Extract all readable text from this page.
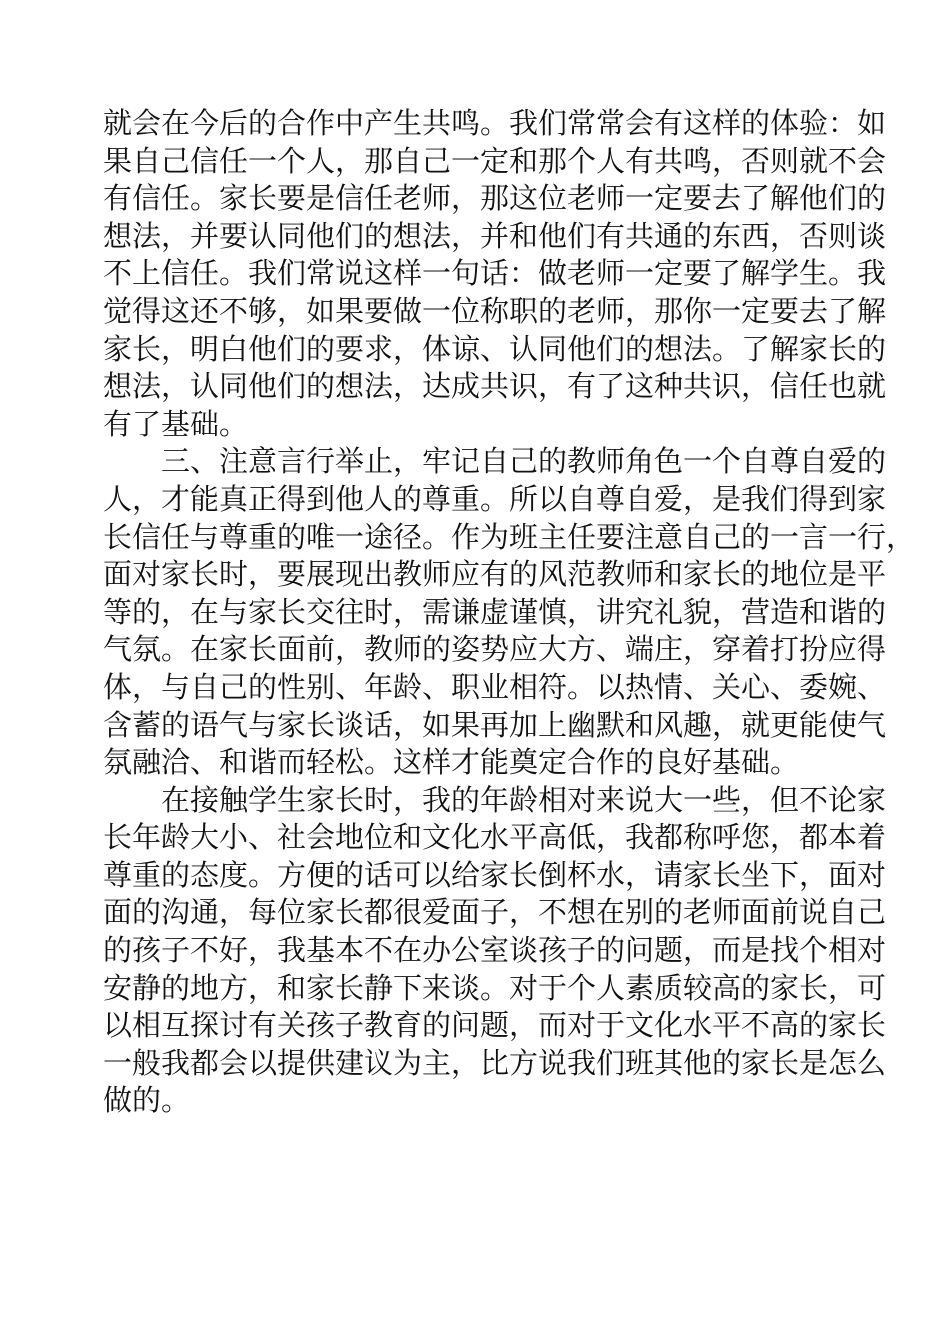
就会在今后的合作中产生共鸣。我们常常会有这样的体验：如
果自己信任一个人，那自己一定和那个人有共鸣，否则就不会
有信任。家长要是信任老师，那这位老师一定要去了解他们的
想法，并要认同他们的想法，并和他们有共通的东西，否则谈
不上信任。我们常说这样一句话：做老师一定要了解学生。我
觉得这还不够，如果要做一位称职的老师，那你一定要去了解
家长，明白他们的要求，体谅、认同他们的想法。了解家长的
想法，认同他们的想法，达成共识，有了这种共识，信任也就
有了基础。
　　三、注意言行举止，牢记自己的教师角色一个自尊自爱的
人，才能真正得到他人的尊重。所以自尊自爱，是我们得到家
长信任与尊重的唯一途径。作为班主任要注意自己的一言一行，
面对家长时，要展现出教师应有的风范教师和家长的地位是平
等的，在与家长交往时，需谦虚谨慎，讲究礼貌，营造和谐的
气氛。在家长面前，教师的姿势应大方、端庄，穿着打扮应得
体，与自己的性别、年龄、职业相符。以热情、关心、委婉、
含蓄的语气与家长谈话，如果再加上幽默和风趣，就更能使气
氛融洽、和谐而轻松。这样才能奠定合作的良好基础。
　　在接触学生家长时，我的年龄相对来说大一些，但不论家
长年龄大小、社会地位和文化水平高低，我都称呼您，都本着
尊重的态度。方便的话可以给家长倒杯水，请家长坐下，面对
面的沟通，每位家长都很爱面子，不想在别的老师面前说自己
的孩子不好，我基本不在办公室谈孩子的问题，而是找个相对
安静的地方，和家长静下来谈。对于个人素质较高的家长，可
以相互探讨有关孩子教育的问题，而对于文化水平不高的家长
一般我都会以提供建议为主，比方说我们班其他的家长是怎么
做的。
